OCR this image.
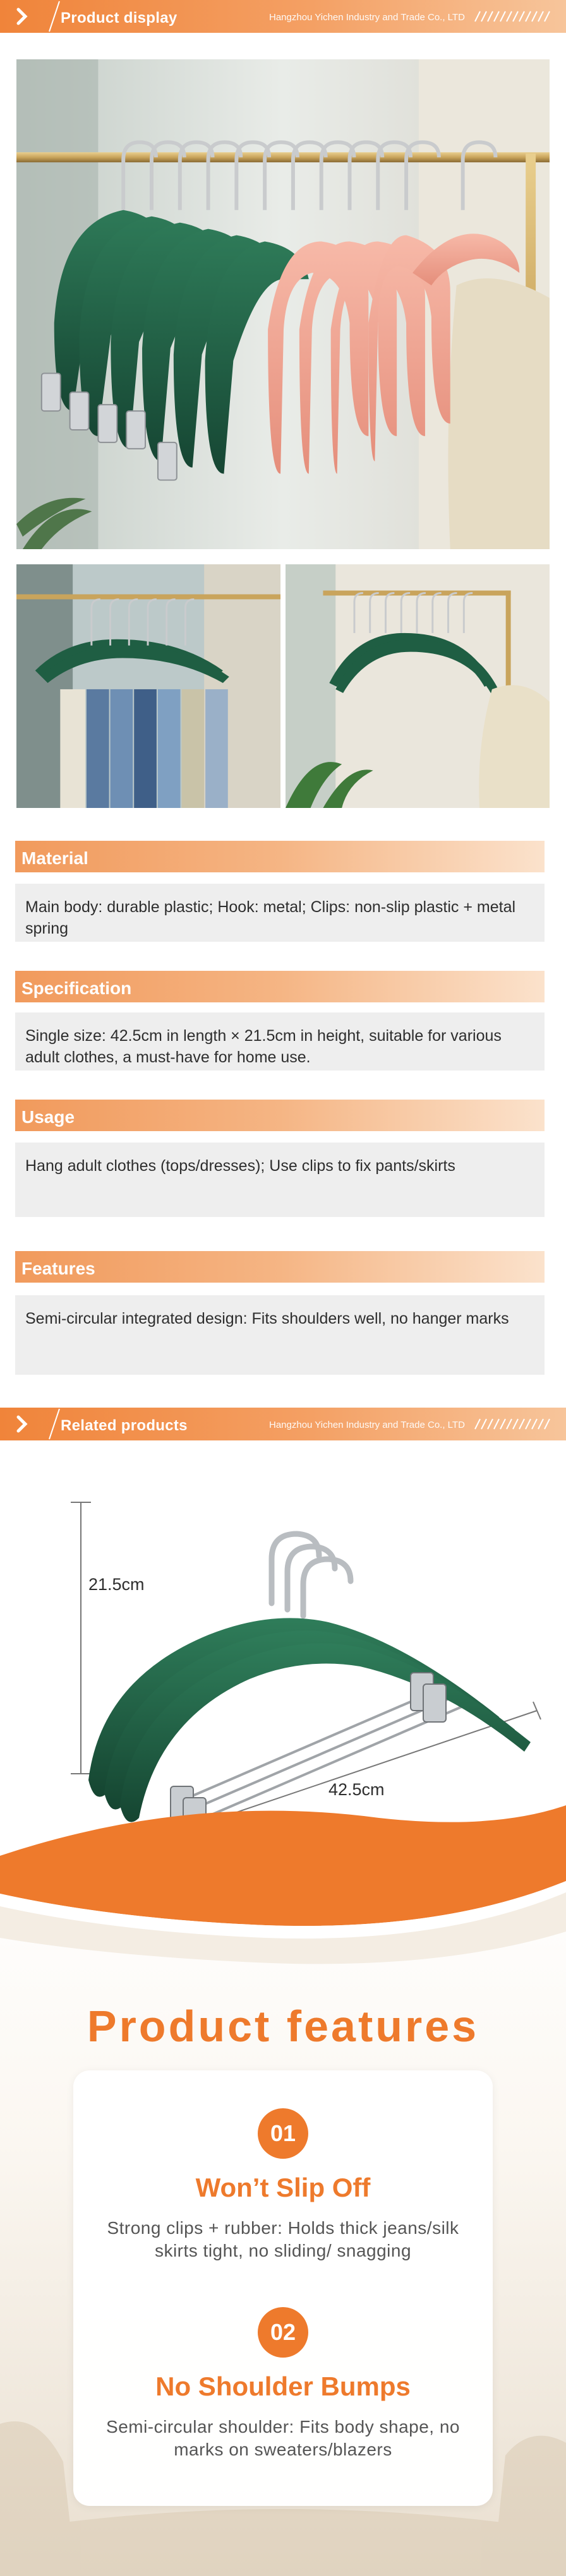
Product display	Hangzhou Yichen Industry and Trade Co., LTD
Material
Main body: durable plastic; Hook: metal; Clips: non-slip plastic + metal spring
Specification
Single size: 42.5cm in length × 21.5cm in height, suitable for various adult clothes, a must-have for home use.
Usage
Hang adult clothes (tops/dresses); Use clips to fix pants/skirts
Features
Semi-circular integrated design: Fits shoulders well, no hanger marks
Related products	Hangzhou Yichen Industry and Trade Co., LTD
21.5cm
42.5cm
Product features
01
Won’t Slip Off
Strong clips + rubber: Holds thick jeans/silk skirts tight, no sliding/ snagging
02
No Shoulder Bumps
Semi-circular shoulder: Fits body shape, no marks on sweaters/blazers
